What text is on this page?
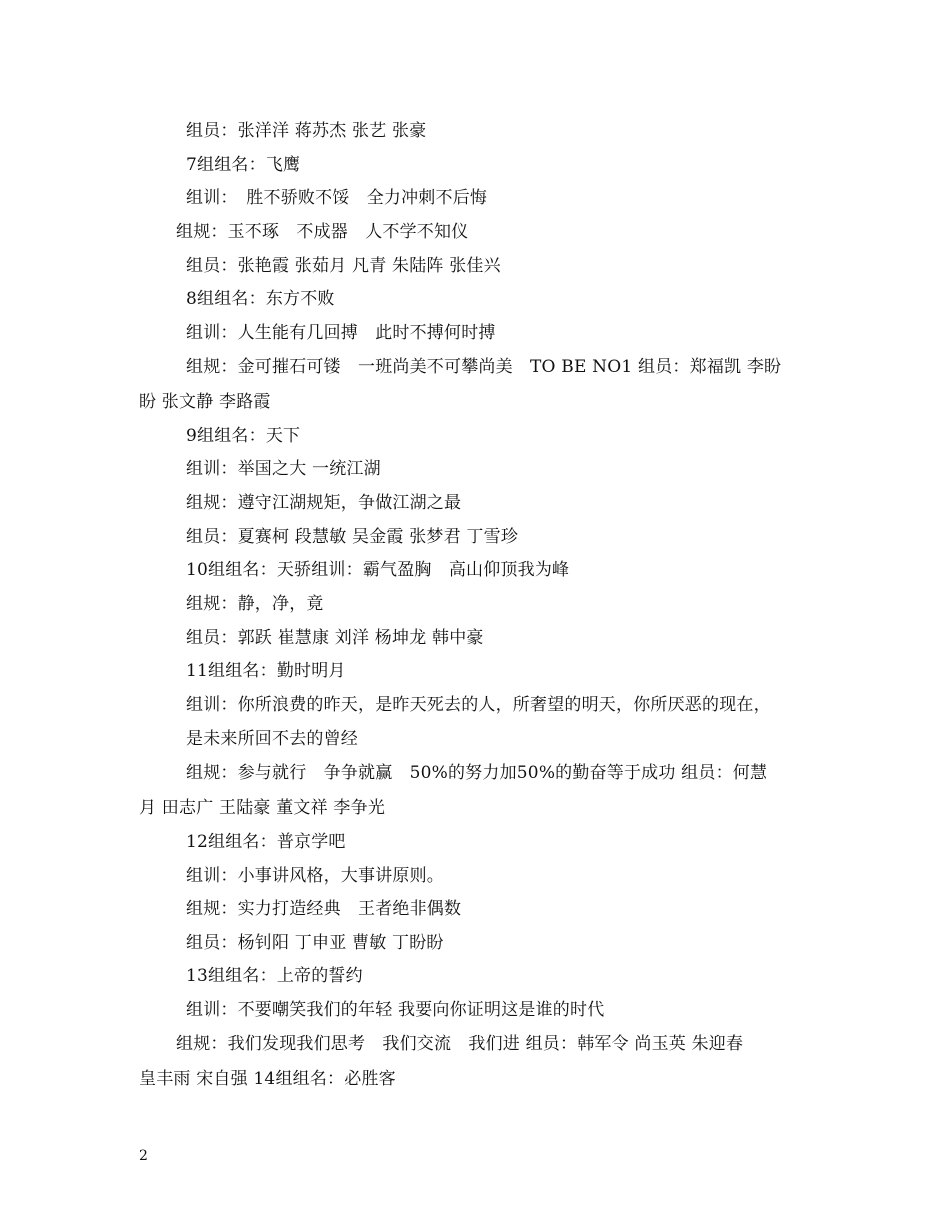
组员：张洋洋 蒋苏杰 张艺 张豪
7组组名：飞鹰
组训：　胜不骄败不馁　全力冲刺不后悔
组规：玉不琢　不成器　人不学不知仪
组员：张艳霞 张茹月 凡青 朱陆阵 张佳兴
8组组名：东方不败
组训：人生能有几回搏　此时不搏何时搏
组规：金可摧石可镂　一班尚美不可攀尚美　TO BE NO1 组员：郑福凯 李盼
盼 张文静 李路霞
9组组名：天下
组训：举国之大 一统江湖
组规：遵守江湖规矩，争做江湖之最
组员：夏赛柯 段慧敏 吴金霞 张梦君 丁雪珍
10组组名：天骄组训：霸气盈胸　高山仰顶我为峰
组规：静，净，竟
组员：郭跃 崔慧康 刘洋 杨坤龙 韩中豪
11组组名：勤时明月
组训：你所浪费的昨天，是昨天死去的人，所奢望的明天，你所厌恶的现在，
是未来所回不去的曾经
组规：参与就行　争争就赢　50%的努力加50%的勤奋等于成功 组员：何慧
月 田志广 王陆豪 董文祥 李争光
12组组名：普京学吧
组训：小事讲风格，大事讲原则。
组规：实力打造经典　王者绝非偶数
组员：杨钊阳 丁申亚 曹敏 丁盼盼
13组组名：上帝的誓约
组训：不要嘲笑我们的年轻 我要向你证明这是谁的时代
组规：我们发现我们思考　我们交流　我们进 组员：韩军令 尚玉英 朱迎春
皇丰雨 宋自强 14组组名：必胜客
2
